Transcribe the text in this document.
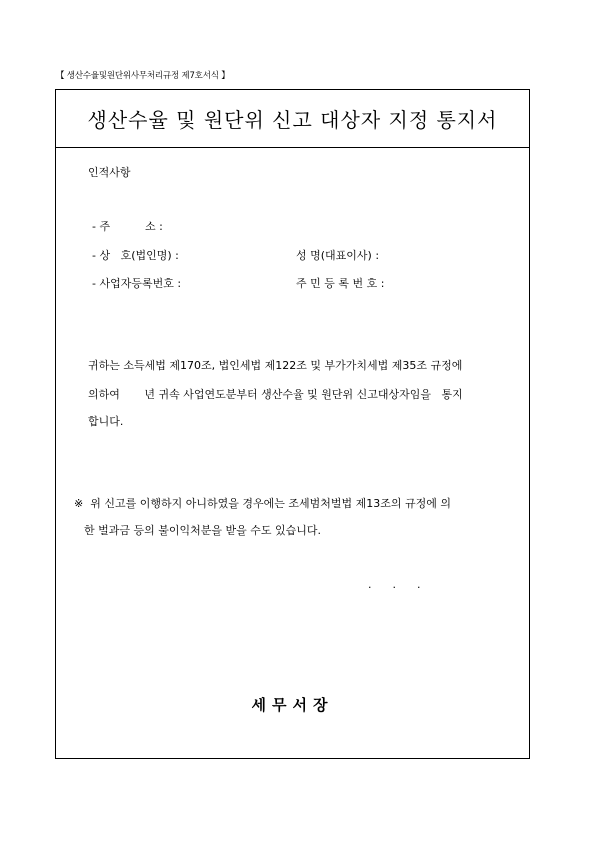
【 생산수율및원단위사무처리규정 제7호서식 】
생산수율 및 원단위 신고 대상자 지정 통지서
인적사항
- 주          소 :
- 상   호(법인명) :	성 명(대표이사) :
- 사업자등록번호 :	주 민 등 록 번 호 :
귀하는 소득세법 제170조, 법인세법 제122조 및 부가가치세법 제35조 규정에
의하여       년 귀속 사업연도분부터 생산수율 및 원단위 신고대상자임을   통지
합니다.
※  위 신고를 이행하지 아니하였을 경우에는 조세범처벌법 제13조의 규정에 의
한 벌과금 등의 불이익처분을 받을 수도 있습니다.
.      .      .
세무서장
